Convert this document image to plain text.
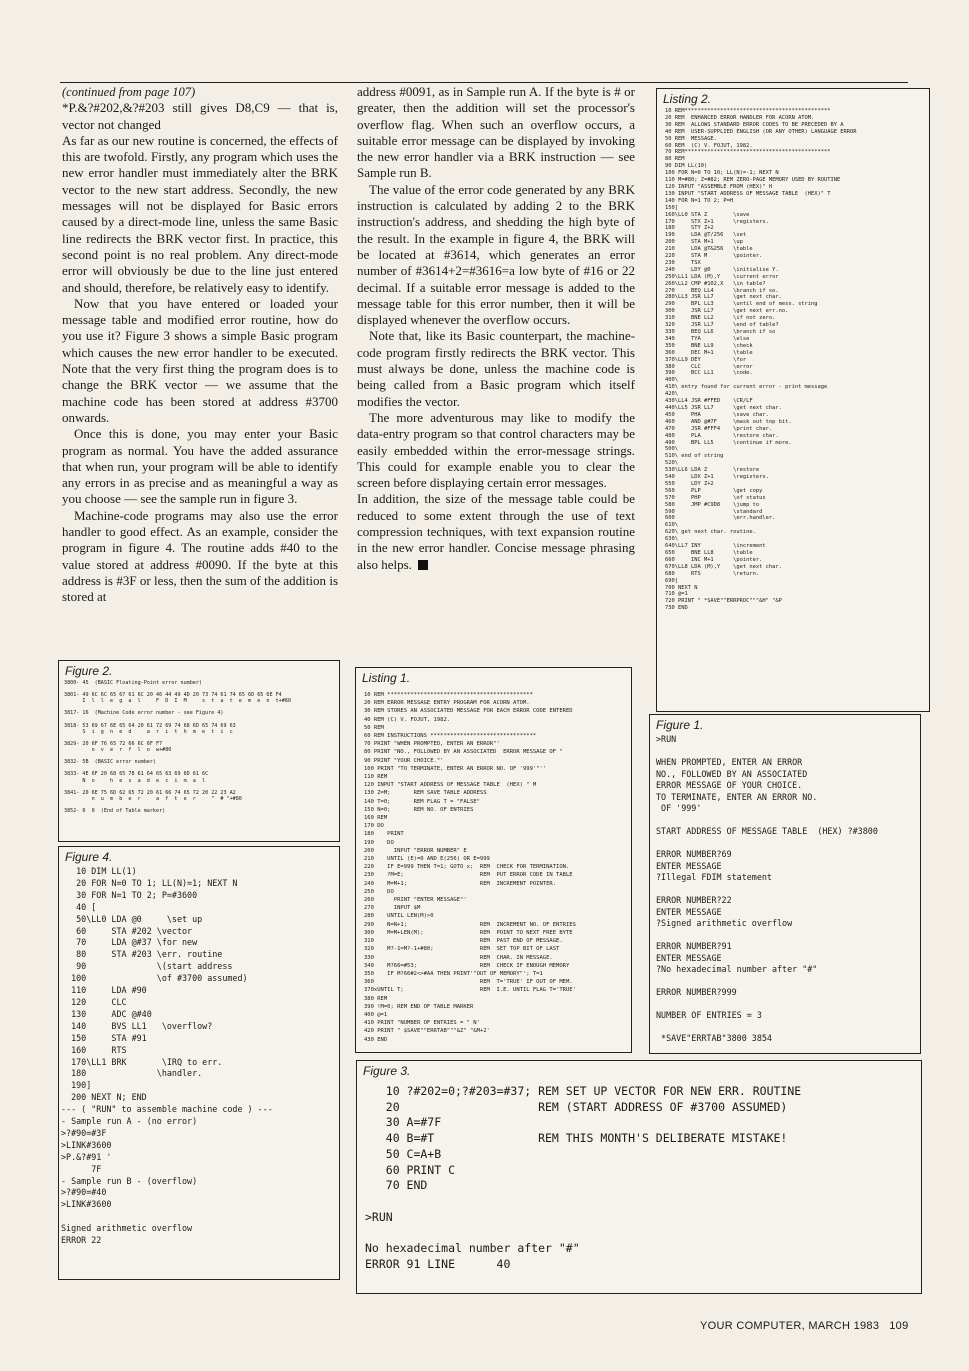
(continued from page 107)

*P.&?#202,&?#203 still gives D8,C9 — that is, vector not changed

As far as our new routine is concerned, the effects of this are twofold. Firstly, any program which uses the new error handler must immediately alter the BRK vector to the new start address. Secondly, the new messages will not be displayed for Basic errors caused by a direct-mode line, unless the same Basic line redirects the BRK vector first. In practice, this second point is no real problem. Any direct-mode error will obviously be due to the line just entered and should, therefore, be relatively easy to identify.

Now that you have entered or loaded your message table and modified error routine, how do you use it? Figure 3 shows a simple Basic program which causes the new error handler to be executed. Note that the very first thing the program does is to change the BRK vector — we assume that the machine code has been stored at address #3700 onwards.

Once this is done, you may enter your Basic program as normal. You have the added assurance that when run, your program will be able to identify any errors in as precise and as meaningful a way as you choose — see the sample run in figure 3.

Machine-code programs may also use the error handler to good effect. As an example, consider the program in figure 4. The routine adds #40 to the value stored at address #0090. If the byte at this address is #3F or less, then the sum of the addition is stored at

address #0091, as in Sample run A. If the byte is # or greater, then the addition will set the processor's overflow flag. When such an overflow occurs, a suitable error message can be displayed by invoking the new error handler via a BRK instruction — see Sample run B.

The value of the error code generated by any BRK instruction is calculated by adding 2 to the BRK instruction's address, and shedding the high byte of the result. In the example in figure 4, the BRK will be located at #3614, which generates an error number of #3614+2=#3616=a low byte of #16 or 22 decimal. If a suitable error message is added to the message table for this error number, then it will be displayed whenever the overflow occurs.

Note that, like its Basic counterpart, the machine-code program firstly redirects the BRK vector. This must always be done, unless the machine code is being called from a Basic program which itself modifies the vector.

The more adventurous may like to modify the data-entry program so that control characters may be easily embedded within the error-message strings. This could for example enable you to clear the screen before displaying certain error messages.

In addition, the size of the message table could be reduced to some extent through the use of text compression techniques, with text expansion routine in the new error handler. Concise message phrasing also helps.

Listing 2.
10 REM*********************************************
20 REM  ENHANCED ERROR HANDLER FOR ACORN ATOM.
30 REM  ALLOWS STANDARD ERROR CODES TO BE PRECEDED BY A
40 REM  USER-SUPPLIED ENGLISH (OR ANY OTHER) LANGUAGE ERROR
50 REM  MESSAGE.
60 REM  (C) V. FOJUT, 1982.
70 REM*********************************************
80 REM
90 DIM LL(10)
100 FOR N=0 TO 10; LL(N)=-1; NEXT N
110 M=#80; Z=#82; REM ZERO-PAGE MEMORY USED BY ROUTINE
120 INPUT "ASSEMBLE FROM (HEX)" H
130 INPUT "START ADDRESS OF MESSAGE TABLE  (HEX)" T
140 FOR N=1 TO 2; P=H
150[
160\LL0 STA Z        \save
170     STX Z+1      \registers.
180     STY Z+2
190     LDA @T/256   \set
200     STA M+1      \up
210     LDA @T&256   \table
220     STA M        \pointer.
230     TSX
240     LDY @0       \initialise Y.
250\LL1 LDA (M),Y    \current error
260\LL2 CMP #102,X   \in table?
270     BEQ LL4      \branch if so.
280\LL3 JSR LL7      \get next char.
290     BPL LL3      \until end of mess. string
300     JSR LL7      \get next err.no.
310     BNE LL2      \if not zero.
320     JSR LL7      \end of table?
330     BEQ LL6      \branch if so
340     TYA          \else
350     BNE LL9      \check
360     DEC M+1      \table
370\LL9 DEY          \for
380     CLC          \error
390     BCC LL1      \code.
400\
410\ entry found for current error - print message
420\
430\LL4 JSR #FFED    \CR/LF
440\LL5 JSR LL7      \get next char.
450     PHA          \save char.
460     AND @#7F     \mask out top bit.
470     JSR #FFF4    \print char.
480     PLA          \restore char.
490     BPL LL5      \continue if more.
500\
510\ end of string
520\
530\LL6 LDA Z        \restore
540     LDX Z+1      \registers.
550     LDY Z+2
560     PLP          \get copy
570     PHP          \of status
580     JMP #C9D8    \jump to
590                  \standard
600                  \err.handler.
610\
620\ get next char. routine.
630\
640\LL7 INY          \increment
650     BNE LL8      \table
660     INC M+1      \pointer.
670\LL8 LDA (M),Y    \get next char.
680     RTS          \return.
690]
700 NEXT N
710 @=1
720 PRINT " *SAVE""ERRPROC"""&H" "&P
730 END
Figure 2.
3800- 45  (BASIC Floating-Point error number)

3801- 49 6C 6C 65 67 61 6C 20 46 44 49 4D 20 73 74 61 74 65 6D 65 6E F4
I  l  l  e  g  a  l     F  D  I  M     s  t  a  t  e  m  e  n  t+#80

3817- 16  (Machine Code error number - see Figure 4)

3818- 53 69 67 6E 65 64 20 61 72 69 74 68 6D 65 74 69 63
S  i  g  n  e  d     a  r  i  t  h  m  e  t  i  c

3829- 20 6F 76 65 72 66 6C 6F F7
o  v  e  r  f  l  o  w+#80

3832- 5B  (BASIC error number)

3833- 4E 6F 20 68 65 78 61 64 65 63 69 6D 61 6C
N  o     h  e  x  a  d  e  c  i  m  a  l

3841- 20 6E 75 6D 62 65 72 20 61 66 74 65 72 20 22 23 A2
n  u  m  b  e  r     a  f  t  e  r     "  # "+#80

3852- 0  0  (End of Table marker)
Listing 1.
10 REM ********************************************
20 REM ERROR MESSAGE ENTRY PROGRAM FOR ACORN ATOM.
30 REM STORES AN ASSOCIATED MESSAGE FOR EACH ERROR CODE ENTERED
40 REM (C) V. FOJUT, 1982.
50 REM
60 REM INSTRUCTIONS ********************************
70 PRINT "WHEN PROMPTED, ENTER AN ERROR"'
80 PRINT "NO., FOLLOWED BY AN ASSOCIATED  ERROR MESSAGE OF "
90 PRINT "YOUR CHOICE."'
100 PRINT "TO TERMINATE, ENTER AN ERROR NO. OF '999'"''
110 REM
120 INPUT "START ADDRESS OF MESSAGE TABLE  (HEX) " M
130 Z=M;       REM SAVE TABLE ADDRESS
140 T=0;       REM FLAG T = "FALSE"
150 N=0;       REM NO. OF ENTRIES
160 REM
170 DO
180    PRINT
190    DO
200      INPUT "ERROR NUMBER" E
210    UNTIL (E)=0 AND E(256) OR E=999
220    IF E=999 THEN T=1; GOTO x;  REM  CHECK FOR TERMINATION.
230    ?M=E;                       REM  PUT ERROR CODE IN TABLE
240    M=M+1;                      REM  INCREMENT POINTER.
250    DO
260      PRINT "ENTER MESSAGE"'
270      INPUT $M
280    UNTIL LEN(M)>0
290    N=N+1;                      REM  INCREMENT NO. OF ENTRIES
300    M=M+LEN(M);                 REM  POINT TO NEXT FREE BYTE
310                                REM  PAST END OF MESSAGE.
320    M?-1=M?-1+#80;              REM  SET TOP BIT OF LAST
330                                REM  CHAR. IN MESSAGE.
340    M?66=#53;                   REM  CHECK IF ENOUGH MEMORY
350    IF M?66#2<>#AA THEN PRINT'"OUT OF MEMORY"'; T=1
360                                REM  T='TRUE' IF OUT OF MEM.
370xUNTIL T;                       REM  I.E. UNTIL FLAG T='TRUE'
380 REM
390 !M=0; REM END OF TABLE MARKER
400 @=1
410 PRINT "NUMBER OF ENTRIES = " N'
420 PRINT " $SAVE""ERRTAB"""&Z" "&M+2'
430 END
Figure 1.
>RUN

WHEN PROMPTED, ENTER AN ERROR
NO., FOLLOWED BY AN ASSOCIATED
ERROR MESSAGE OF YOUR CHOICE.
TO TERMINATE, ENTER AN ERROR NO.
OF '999'

START ADDRESS OF MESSAGE TABLE  (HEX) ?#3800

ERROR NUMBER?69
ENTER MESSAGE
?Illegal FDIM statement

ERROR NUMBER?22
ENTER MESSAGE
?Signed arithmetic overflow

ERROR NUMBER?91
ENTER MESSAGE
?No hexadecimal number after "#"

ERROR NUMBER?999

NUMBER OF ENTRIES = 3

*SAVE"ERRTAB"3800 3854
Figure 4.
10 DIM LL(1)
20 FOR N=0 TO 1; LL(N)=1; NEXT N
30 FOR N=1 TO 2; P=#3600
40 [
50\LL0 LDA @0     \set up
60     STA #202 \vector
70     LDA @#37 \for new
80     STA #203 \err. routine
90              \(start address
100              \of #3700 assumed)
110     LDA #90
120     CLC
130     ADC @#40
140     BVS LL1   \overflow?
150     STA #91
160     RTS
170\LL1 BRK       \IRQ to err.
180              \handler.
190]
200 NEXT N; END
--- ( "RUN" to assemble machine code ) ---
- Sample run A - (no error)
>?#90=#3F
>LINK#3600
>P.&?#91 '
7F
- Sample run B - (overflow)
>?#90=#40
>LINK#3600

Signed arithmetic overflow
ERROR 22
Figure 3.
10 ?#202=0;?#203=#37; REM SET UP VECTOR FOR NEW ERR. ROUTINE
20                    REM (START ADDRESS OF #3700 ASSUMED)
30 A=#7F
40 B=#T               REM THIS MONTH'S DELIBERATE MISTAKE!
50 C=A+B
60 PRINT C
70 END

>RUN

No hexadecimal number after "#"
ERROR 91 LINE      40
YOUR COMPUTER, MARCH 1983 109
